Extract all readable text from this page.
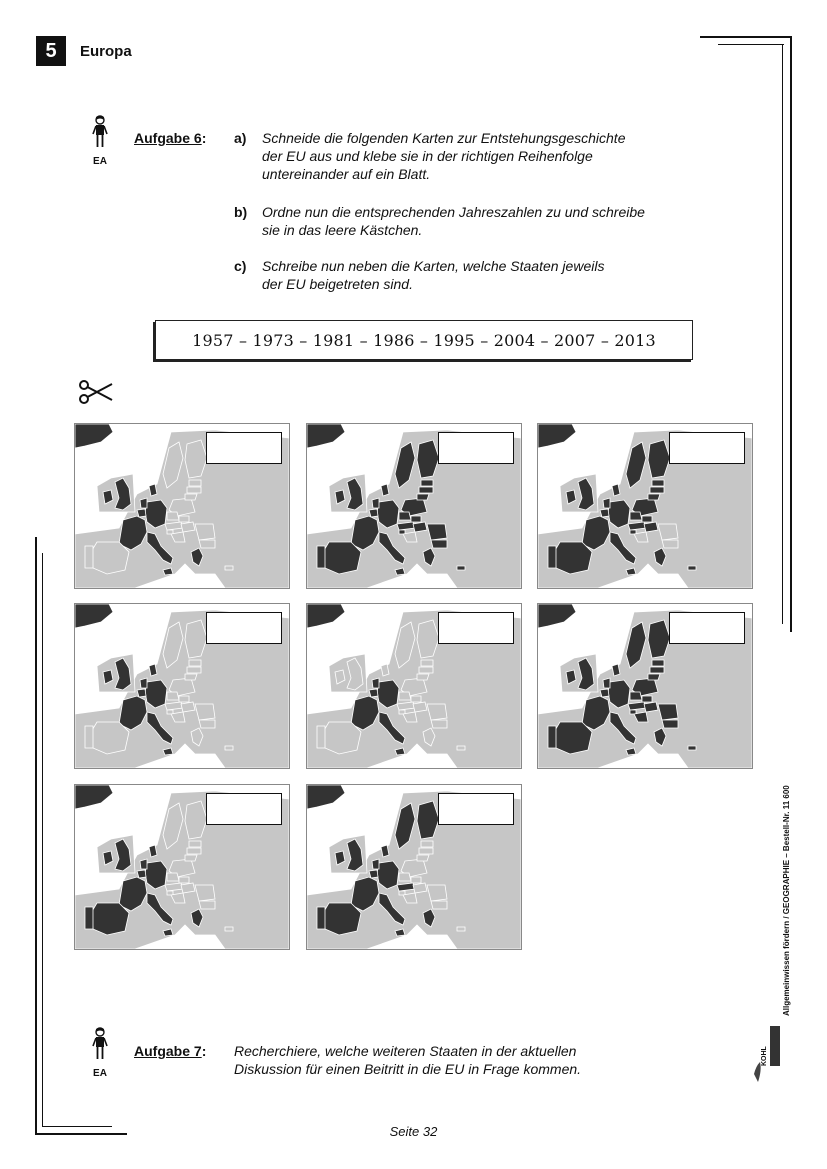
5	Europa
EA
Aufgabe 6: a) Schneide die folgenden Karten zur Entstehungsgeschichte
der EU aus und klebe sie in der richtigen Reihenfolge
untereinander auf ein Blatt.
b) Ordne nun die entsprechenden Jahreszahlen zu und schreibe
sie in das leere Kästchen.
c) Schreibe nun neben die Karten, welche Staaten jeweils
der EU beigetreten sind.
1957 – 1973 – 1981 – 1986 – 1995 – 2004 – 2007 – 2013
EA
Aufgabe 7: Recherchiere, welche weiteren Staaten in der aktuellen
Diskussion für einen Beitritt in die EU in Frage kommen.
Seite 32
Allgemeinwissen fördern / GEOGRAPHIE – Bestell-Nr. 11 600
KOHL
